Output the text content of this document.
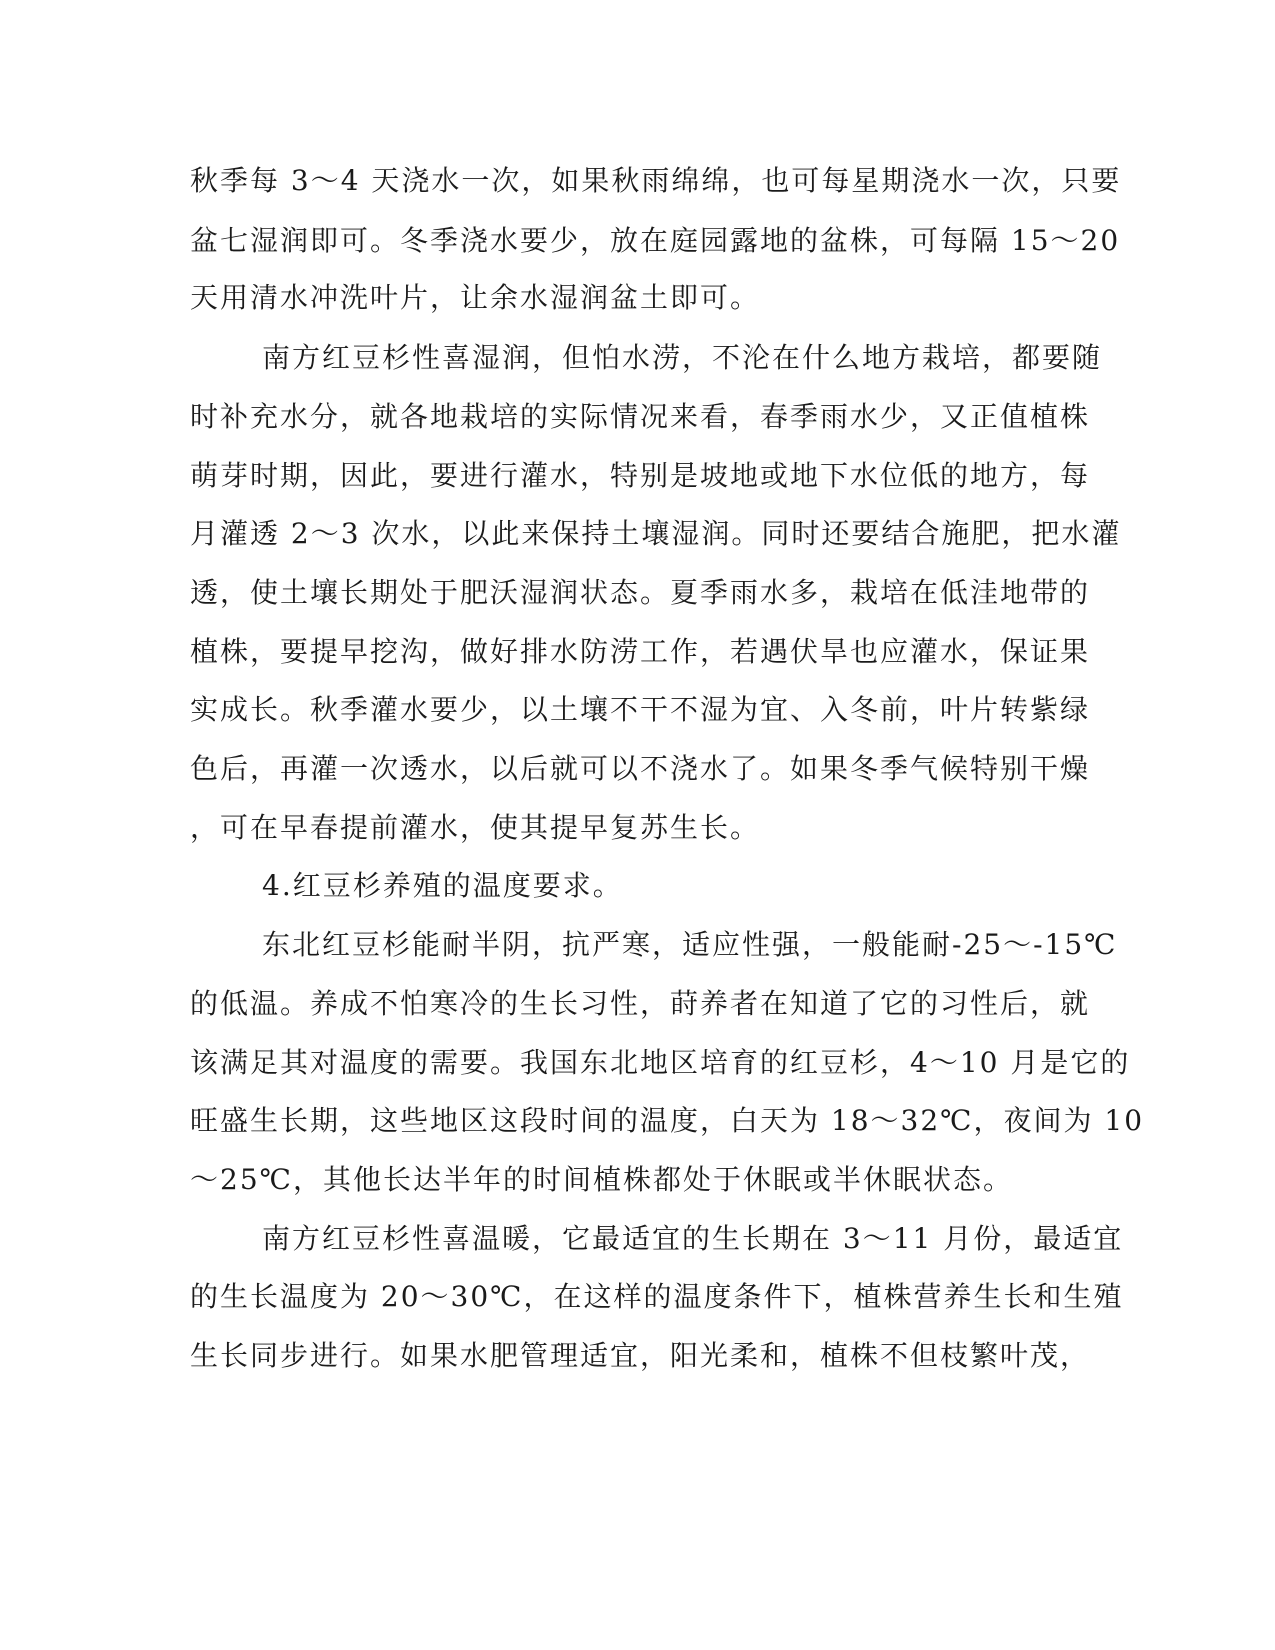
秋季每 3～4 天浇水一次，如果秋雨绵绵，也可每星期浇水一次，只要
盆七湿润即可。冬季浇水要少，放在庭园露地的盆株，可每隔 15～20
天用清水冲洗叶片，让余水湿润盆土即可。
南方红豆杉性喜湿润，但怕水涝，不沦在什么地方栽培，都要随
时补充水分，就各地栽培的实际情况来看，春季雨水少，又正值植株
萌芽时期，因此，要进行灌水，特别是坡地或地下水位低的地方，每
月灌透 2～3 次水，以此来保持土壤湿润。同时还要结合施肥，把水灌
透，使土壤长期处于肥沃湿润状态。夏季雨水多，栽培在低洼地带的
植株，要提早挖沟，做好排水防涝工作，若遇伏旱也应灌水，保证果
实成长。秋季灌水要少，以土壤不干不湿为宜、入冬前，叶片转紫绿
色后，再灌一次透水，以后就可以不浇水了。如果冬季气候特别干燥
，可在早春提前灌水，使其提早复苏生长。
4.红豆杉养殖的温度要求。
东北红豆杉能耐半阴，抗严寒，适应性强，一般能耐-25～-15℃
的低温。养成不怕寒冷的生长习性，莳养者在知道了它的习性后，就
该满足其对温度的需要。我国东北地区培育的红豆杉，4～10 月是它的
旺盛生长期，这些地区这段时间的温度，白天为 18～32℃，夜间为 10
～25℃，其他长达半年的时间植株都处于休眠或半休眠状态。
南方红豆杉性喜温暖，它最适宜的生长期在 3～11 月份，最适宜
的生长温度为 20～30℃，在这样的温度条件下，植株营养生长和生殖
生长同步进行。如果水肥管理适宜，阳光柔和，植株不但枝繁叶茂，
